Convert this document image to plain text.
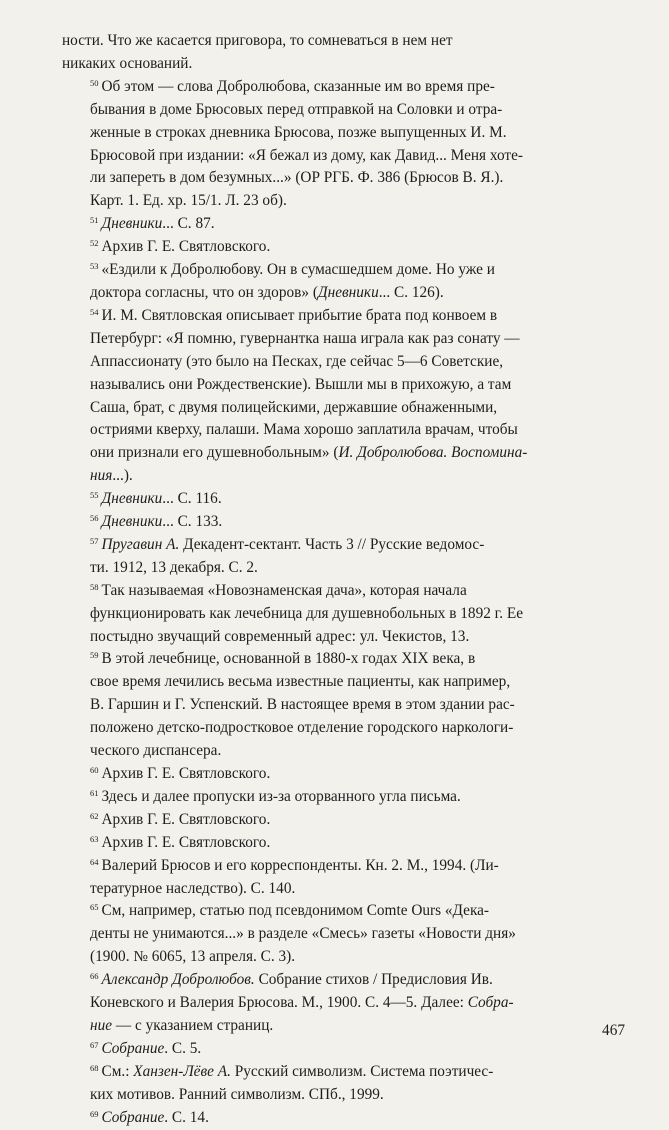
ности. Что же касается приговора, то сомневаться в нем нет
никаких оснований.

$^{50}$ Об этом — слова Добролюбова, сказанные им во время пре-
бывания в доме Брюсовых перед отправкой на Соловки и отра-
женные в строках дневника Брюсова, позже выпущенных И. М.
Брюсовой при издании: «Я бежал из дому, как Давид... Меня хоте-
ли запереть в дом безумных...» (ОР РГБ. Ф. 386 (Брюсов В. Я.).
Карт. 1. Ед. хр. 15/1. Л. 23 об).

$^{51}$ Дневники... С. 87.

$^{52}$ Архив Г. Е. Святловского.

$^{53}$ «Ездили к Добролюбову. Он в сумасшедшем доме. Но уже и
доктора согласны, что он здоров» (Дневники... С. 126).

$^{54}$ И. М. Святловская описывает прибытие брата под конвоем в
Петербург: «Я помню, гувернантка наша играла как раз сонату —
Аппассионату (это было на Песках, где сейчас 5—6 Советские,
назывались они Рождественские). Вышли мы в прихожую, а там
Саша, брат, с двумя полицейскими, державшие обнаженными,
остриями кверху, палаши. Мама хорошо заплатила врачам, чтобы
они признали его душевнобольным» (И. Добролюбова. Воспомина-
ния...).

$^{55}$ Дневники... С. 116.

$^{56}$ Дневники... С. 133.

$^{57}$ Пругавин А. Декадент-сектант. Часть 3 // Русские ведомос-
ти. 1912, 13 декабря. С. 2.

$^{58}$ Так называемая «Новознаменская дача», которая начала
функционировать как лечебница для душевнобольных в 1892 г. Ее
постыдно звучащий современный адрес: ул. Чекистов, 13.

$^{59}$ В этой лечебнице, основанной в 1880-х годах XIX века, в
свое время лечились весьма известные пациенты, как например,
В. Гаршин и Г. Успенский. В настоящее время в этом здании рас-
положено детско-подростковое отделение городского наркологи-
ческого диспансера.

$^{60}$ Архив Г. Е. Святловского.

$^{61}$ Здесь и далее пропуски из-за оторванного угла письма.

$^{62}$ Архив Г. Е. Святловского.

$^{63}$ Архив Г. Е. Святловского.

$^{64}$ Валерий Брюсов и его корреспонденты. Кн. 2. М., 1994. (Ли-
тературное наследство). С. 140.

$^{65}$ См, например, статью под псевдонимом Comte Ours «Дека-
денты не унимаются...» в разделе «Смесь» газеты «Новости дня»
(1900. № 6065, 13 апреля. С. 3).

$^{66}$ Александр Добролюбов. Собрание стихов / Предисловия Ив.
Коневского и Валерия Брюсова. М., 1900. С. 4—5. Далее: Собра-
ние — с указанием страниц.

$^{67}$ Собрание. С. 5.

$^{68}$ См.: Ханзен-Лёве А. Русский символизм. Система поэтичес-
ких мотивов. Ранний символизм. СПб., 1999.

$^{69}$ Собрание. С. 14.

467
